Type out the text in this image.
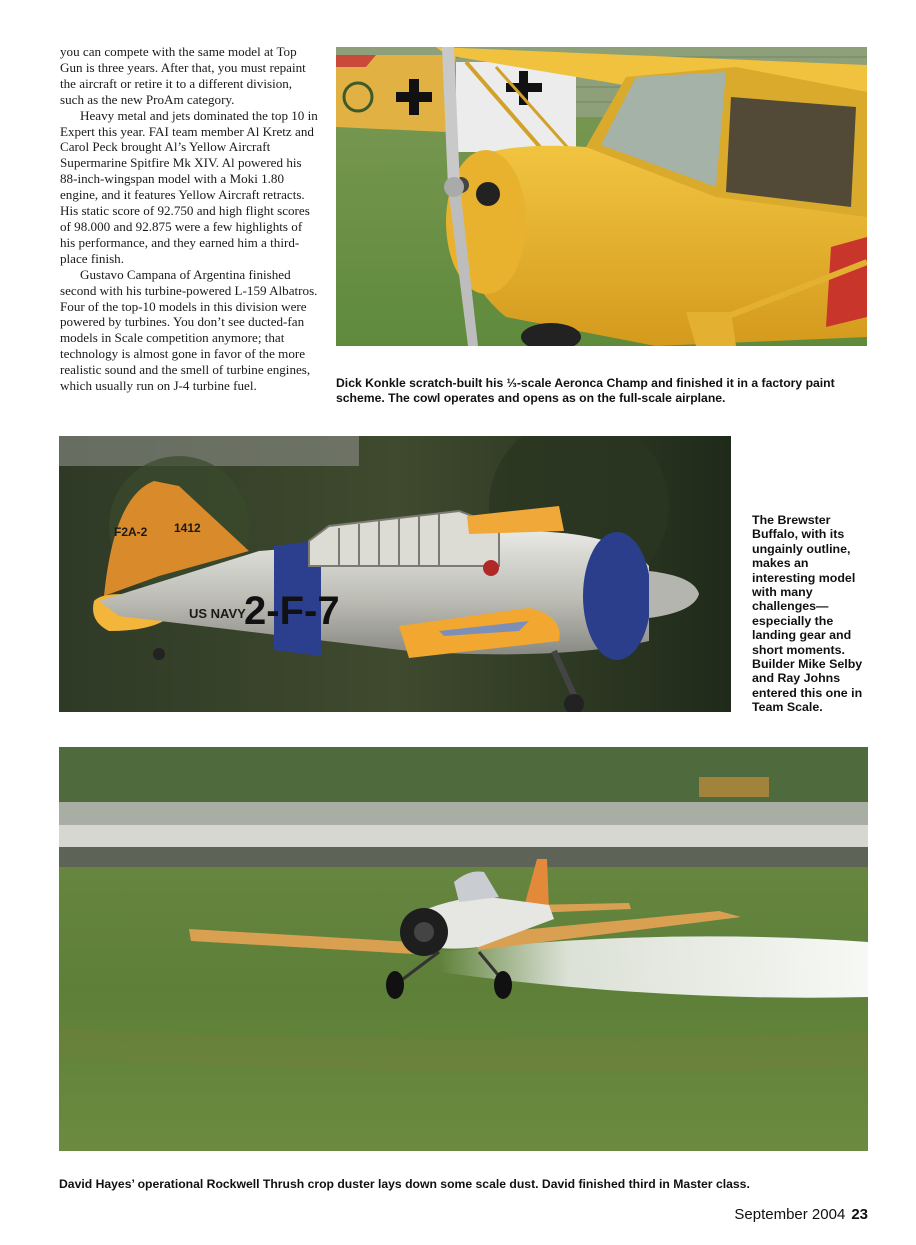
you can compete with the same model at Top Gun is three years. After that, you must repaint the aircraft or retire it to a different division, such as the new ProAm category.

Heavy metal and jets dominated the top 10 in Expert this year. FAI team member Al Kretz and Carol Peck brought Al’s Yellow Aircraft Supermarine Spitfire Mk XIV. Al powered his 88-inch-wingspan model with a Moki 1.80 engine, and it features Yellow Aircraft retracts. His static score of 92.750 and high flight scores of 98.000 and 92.875 were a few highlights of his performance, and they earned him a third-place finish.

Gustavo Campana of Argentina finished second with his turbine-powered L-159 Albatros. Four of the top-10 models in this division were powered by turbines. You don’t see ducted-fan models in Scale competition anymore; that technology is almost gone in favor of the more realistic sound and the smell of turbine engines, which usually run on J-4 turbine fuel.	Dick Konkle scratch-built his ⅓-scale Aeronca Champ and finished it in a factory paint scheme. The cowl operates and opens as on the full-scale airplane.
F2A-2 1412
US NAVY
2-F-7
The Brewster Buffalo, with its ungainly outline, makes an interesting model with many challenges—especially the landing gear and short moments. Builder Mike Selby and Ray Johns entered this one in Team Scale.
David Hayes’ operational Rockwell Thrush crop duster lays down some scale dust. David finished third in Master class.
September 2004 23
